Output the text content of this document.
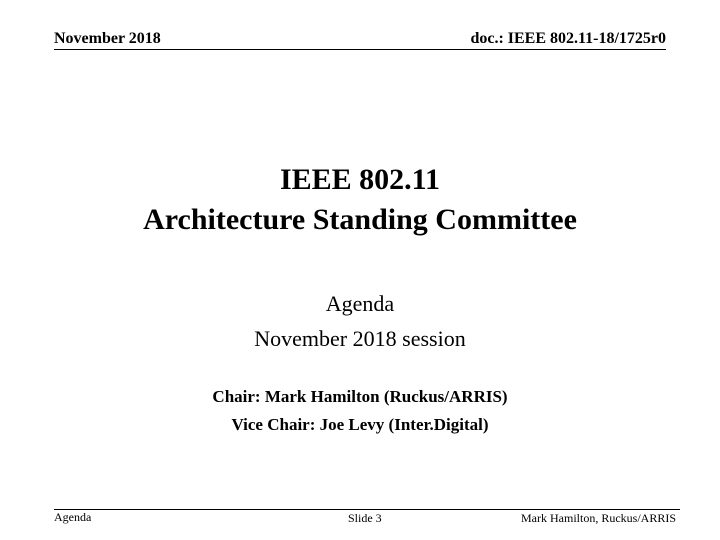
November 2018	doc.: IEEE 802.11-18/1725r0
IEEE 802.11
Architecture Standing Committee
Agenda
November 2018 session
Chair: Mark Hamilton (Ruckus/ARRIS)
Vice Chair: Joe Levy (Inter.Digital)
Agenda	Slide 3	Mark Hamilton, Ruckus/ARRIS
